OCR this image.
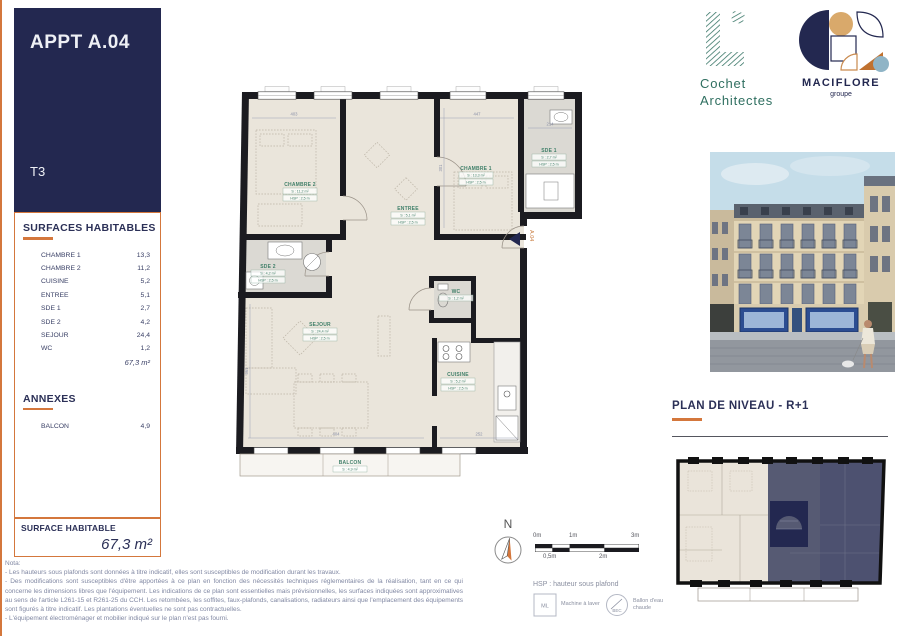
APPT A.04
T3
SURFACES HABITABLES
CHAMBRE 1	13,3
CHAMBRE 2	11,2
CUISINE	5,2
ENTREE	5,1
SDE 1	2,7
SDE 2	4,2
SEJOUR	24,4
WC	1,2
67,3 m²
ANNEXES
BALCON	4,9
SURFACE HABITABLE
67,3 m²
Nota:
- Les hauteurs sous plafonds sont données à titre indicatif, elles sont susceptibles de modification durant les travaux.
- Des modifications sont susceptibles d'être apportées à ce plan en fonction des nécessités techniques réglementaires de la réalisation, tant en ce qui concerne les dimensions libres que l'équipement. Les indications de ce plan sont essentielles mais prévisionnelles, les surfaces indiquées sont approximatives au sens de l'article L261-15 et R261-25 du CCH. Les retombées, les soffites, faux-plafonds, canalisations, radiateurs ainsi que l'emplacement des équipements sont figurés à titre indicatif. Les plantations éventuelles ne sont pas contractuelles.
- L'équipement électroménager et mobilier indiqué sur le plan n'est pas fourni.
BALCON
S : 4,9 m²
403	447
214
301
561
404	252
CHAMBRE 2
S : 11,2 m²
HSP : 2,5 m
CHAMBRE 1
S : 13,3 m²
HSP : 2,5 m
SDE 1
S : 2,7 m²
HSP : 2,5 m
SDE 2
S : 4,2 m²
HSP : 2,5 m
ENTREE
S : 5,1 m²
HSP : 2,5 m
WC
S : 1,2 m²
SEJOUR
S : 24,4 m²
HSP : 2,5 m
CUISINE
S : 5,2 m²
HSP : 2,5 m
A.04
Cochet
Architectes
MACIFLORE
groupe
PLAN DE NIVEAU - R+1
N
0m	1m	3m
0,5m	2m
HSP : hauteur sous plafond
ML Machine à laver
BEC
Ballon d'eau
chaude
